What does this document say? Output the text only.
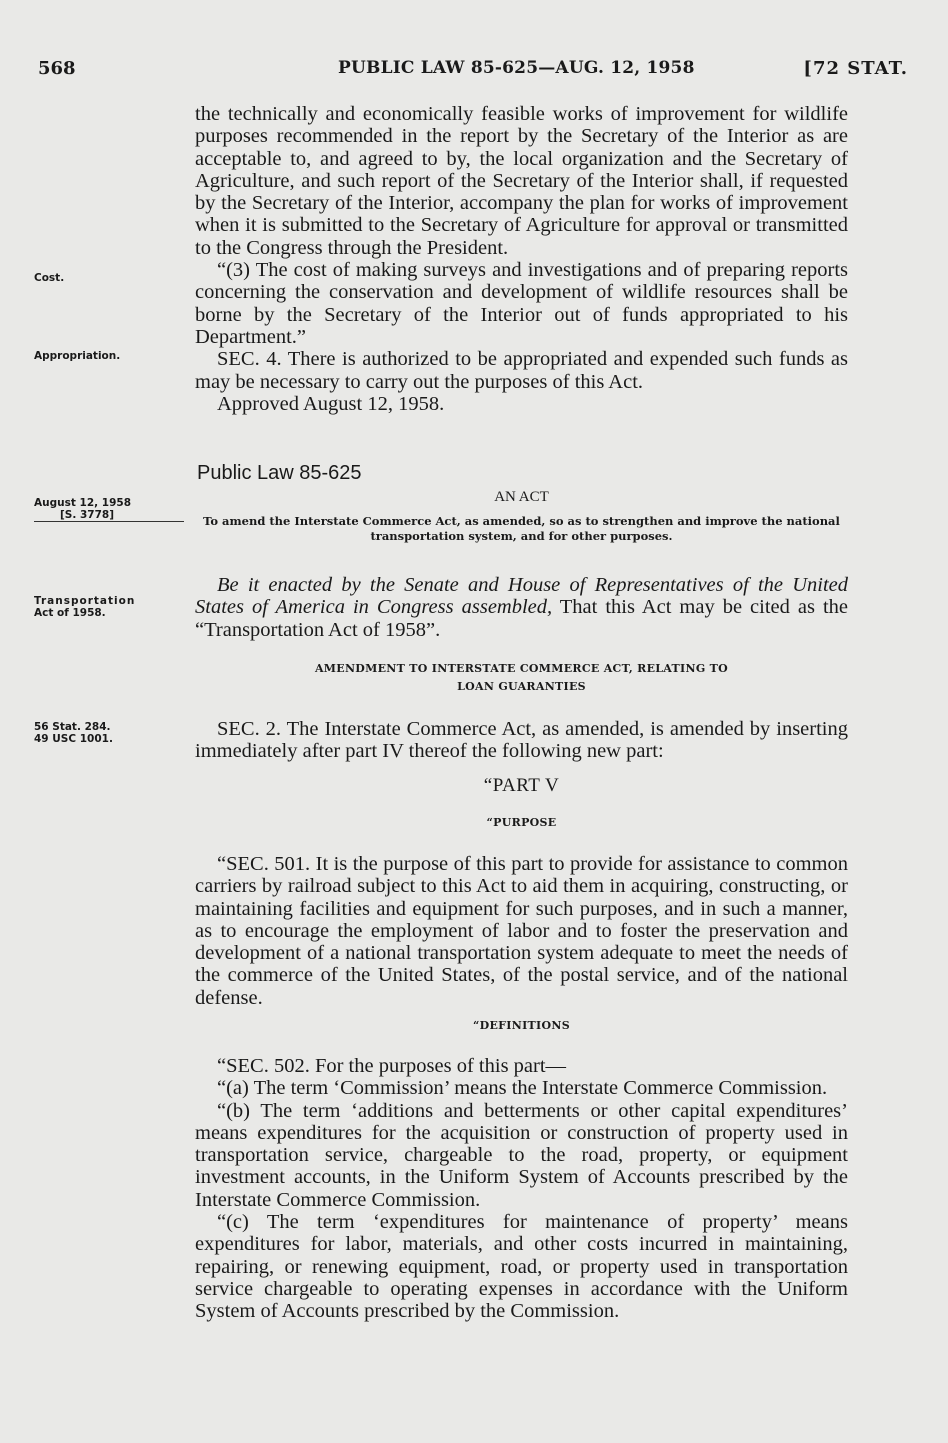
568	PUBLIC LAW 85-625—AUG. 12, 1958	[72 STAT.

the technically and economically feasible works of improvement for wildlife purposes recommended in the report by the Secretary of the Interior as are acceptable to, and agreed to by, the local organization and the Secretary of Agriculture, and such report of the Secretary of the Interior shall, if requested by the Secretary of the Interior, accompany the plan for works of improvement when it is submitted to the Secretary of Agriculture for approval or transmitted to the Congress through the President.

“(3) The cost of making surveys and investigations and of preparing reports concerning the conservation and development of wildlife resources shall be borne by the Secretary of the Interior out of funds appropriated to his Department.”

SEC. 4. There is authorized to be appropriated and expended such funds as may be necessary to carry out the purposes of this Act.

Approved August 12, 1958.

Cost.
Appropriation.
Public Law 85-625
AN ACT
August 12, 1958
[S. 3778]	To amend the Interstate Commerce Act, as amended, so as to strengthen and improve the national transportation system, and for other purposes.

Be it enacted by the Senate and House of Representatives of the United States of America in Congress assembled, That this Act may be cited as the “Transportation Act of 1958”.

Transportation
Act of 1958.
AMENDMENT TO INTERSTATE COMMERCE ACT, RELATING TO LOAN GUARANTIES
56 Stat. 284.
49 USC 1001.	SEC. 2. The Interstate Commerce Act, as amended, is amended by inserting immediately after part IV thereof the following new part:

“PART V
“PURPOSE

“SEC. 501. It is the purpose of this part to provide for assistance to common carriers by railroad subject to this Act to aid them in acquiring, constructing, or maintaining facilities and equipment for such purposes, and in such a manner, as to encourage the employment of labor and to foster the preservation and development of a national transportation system adequate to meet the needs of the commerce of the United States, of the postal service, and of the national defense.

“DEFINITIONS

“SEC. 502. For the purposes of this part—

“(a) The term ‘Commission’ means the Interstate Commerce Commission.

“(b) The term ‘additions and betterments or other capital expenditures’ means expenditures for the acquisition or construction of property used in transportation service, chargeable to the road, property, or equipment investment accounts, in the Uniform System of Accounts prescribed by the Interstate Commerce Commission.

“(c) The term ‘expenditures for maintenance of property’ means expenditures for labor, materials, and other costs incurred in maintaining, repairing, or renewing equipment, road, or property used in transportation service chargeable to operating expenses in accordance with the Uniform System of Accounts prescribed by the Commission.
